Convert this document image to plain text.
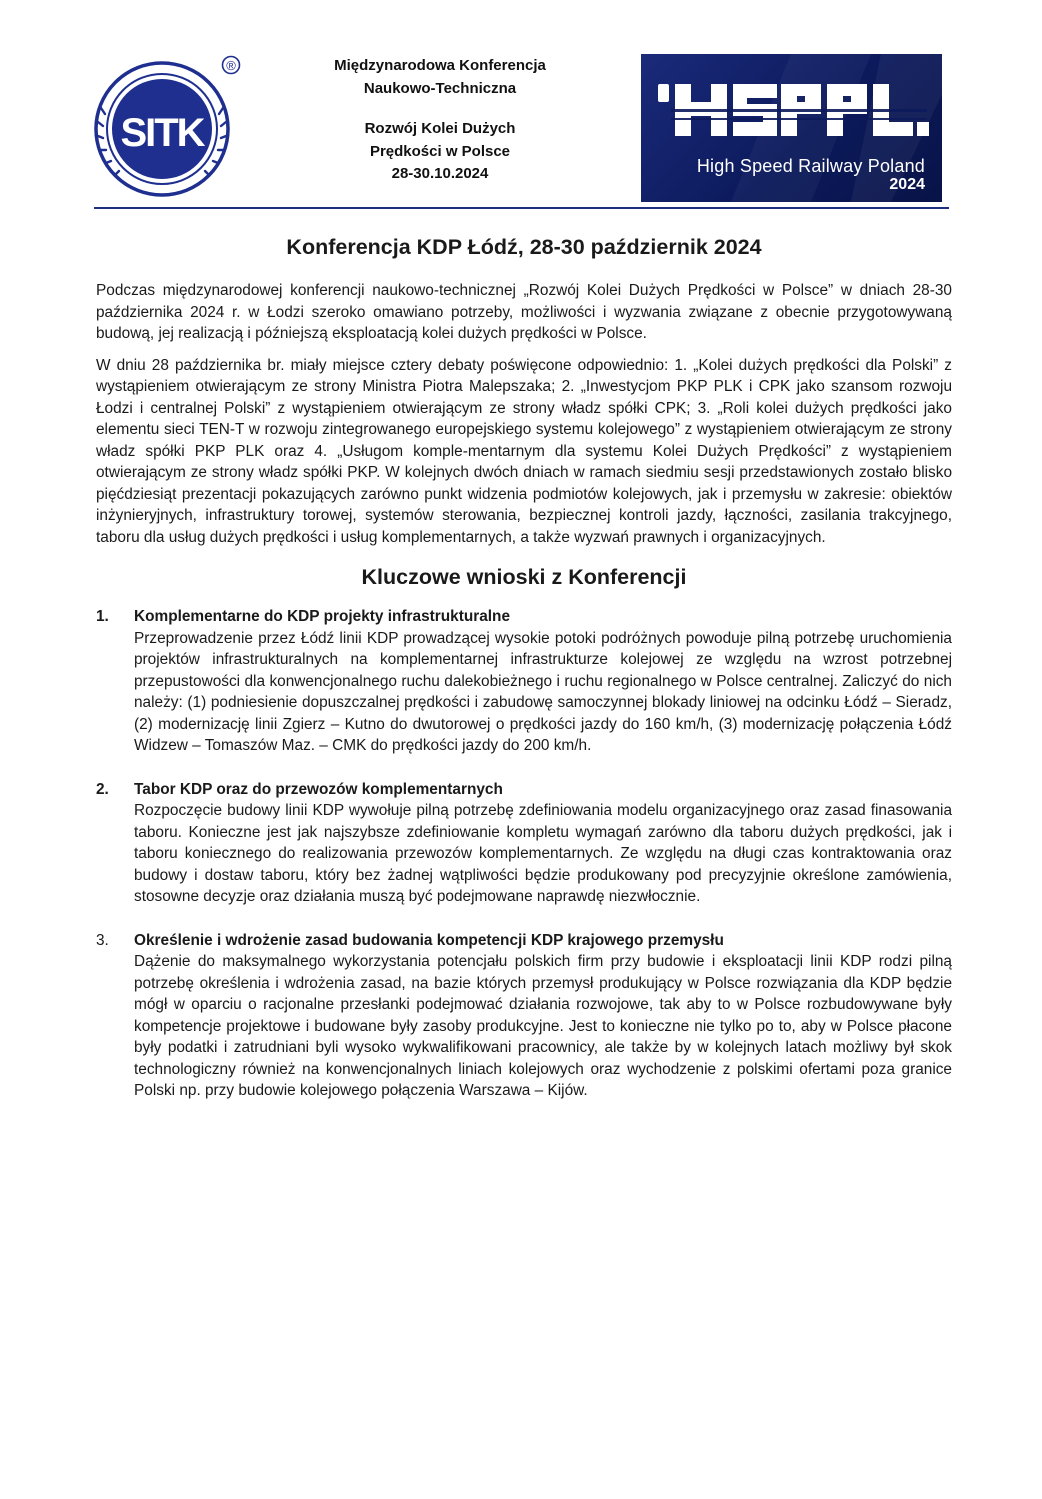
SITK
®	Międzynarodowa Konferencja
Naukowo-Techniczna
Rozwój Kolei Dużych
Prędkości w Polsce
28-30.10.2024	High Speed Railway Poland
2024
Konferencja KDP Łódź, 28-30 październik 2024

Podczas międzynarodowej konferencji naukowo-technicznej „Rozwój Kolei Dużych Prędkości w Polsce” w dniach 28-30 października 2024 r. w Łodzi szeroko omawiano potrzeby, możliwości i wyzwania związane z obecnie przygotowywaną budową, jej realizacją i późniejszą eksploatacją kolei dużych prędkości w Polsce.

W dniu 28 października br. miały miejsce cztery debaty poświęcone odpowiednio: 1. „Kolei dużych prędkości dla Polski” z wystąpieniem otwierającym ze strony Ministra Piotra Malepszaka; 2. „Inwestycjom PKP PLK i CPK jako szansom rozwoju Łodzi i centralnej Polski” z wystąpieniem otwierającym ze strony władz spółki CPK; 3. „Roli kolei dużych prędkości jako elementu sieci TEN-T w rozwoju zintegrowanego europejskiego systemu kolejowego” z wystąpieniem otwierającym ze strony władz spółki PKP PLK oraz 4. „Usługom komple-mentarnym dla systemu Kolei Dużych Prędkości” z wystąpieniem otwierającym ze strony władz spółki PKP. W kolejnych dwóch dniach w ramach siedmiu sesji przedstawionych zostało blisko pięćdziesiąt prezentacji pokazujących zarówno punkt widzenia podmiotów kolejowych, jak i przemysłu w zakresie: obiektów inżynieryjnych, infrastruktury torowej, systemów sterowania, bezpiecznej kontroli jazdy, łączności, zasilania trakcyjnego, taboru dla usług dużych prędkości i usług komplementarnych, a także wyzwań prawnych i organizacyjnych.

Kluczowe wnioski z Konferencji
1. Komplementarne do KDP projekty infrastrukturalne
Przeprowadzenie przez Łódź linii KDP prowadzącej wysokie potoki podróżnych powoduje pilną potrzebę uruchomienia projektów infrastrukturalnych na komplementarnej infrastrukturze kolejowej ze względu na wzrost potrzebnej przepustowości dla konwencjonalnego ruchu dalekobieżnego i ruchu regionalnego w Polsce centralnej. Zaliczyć do nich należy: (1) podniesienie dopuszczalnej prędkości i zabudowę samoczynnej blokady liniowej na odcinku Łódź – Sieradz, (2) modernizację linii Zgierz – Kutno do dwutorowej o prędkości jazdy do 160 km/h, (3) modernizację połączenia Łódź Widzew – Tomaszów Maz. – CMK do prędkości jazdy do 200 km/h.
2. Tabor KDP oraz do przewozów komplementarnych
Rozpoczęcie budowy linii KDP wywołuje pilną potrzebę zdefiniowania modelu organizacyjnego oraz zasad finasowania taboru. Konieczne jest jak najszybsze zdefiniowanie kompletu wymagań zarówno dla taboru dużych prędkości, jak i taboru koniecznego do realizowania przewozów komplementarnych. Ze względu na długi czas kontraktowania oraz budowy i dostaw taboru, który bez żadnej wątpliwości będzie produkowany pod precyzyjnie określone zamówienia, stosowne decyzje oraz działania muszą być podejmowane naprawdę niezwłocznie.
3. Określenie i wdrożenie zasad budowania kompetencji KDP krajowego przemysłu
Dążenie do maksymalnego wykorzystania potencjału polskich firm przy budowie i eksploatacji linii KDP rodzi pilną potrzebę określenia i wdrożenia zasad, na bazie których przemysł produkujący w Polsce rozwiązania dla KDP będzie mógł w oparciu o racjonalne przesłanki podejmować działania rozwojowe, tak aby to w Polsce rozbudowywane były kompetencje projektowe i budowane były zasoby produkcyjne. Jest to konieczne nie tylko po to, aby w Polsce płacone były podatki i zatrudniani byli wysoko wykwalifikowani pracownicy, ale także by w kolejnych latach możliwy był skok technologiczny również na konwencjonalnych liniach kolejowych oraz wychodzenie z polskimi ofertami poza granice Polski np. przy budowie kolejowego połączenia Warszawa – Kijów.
